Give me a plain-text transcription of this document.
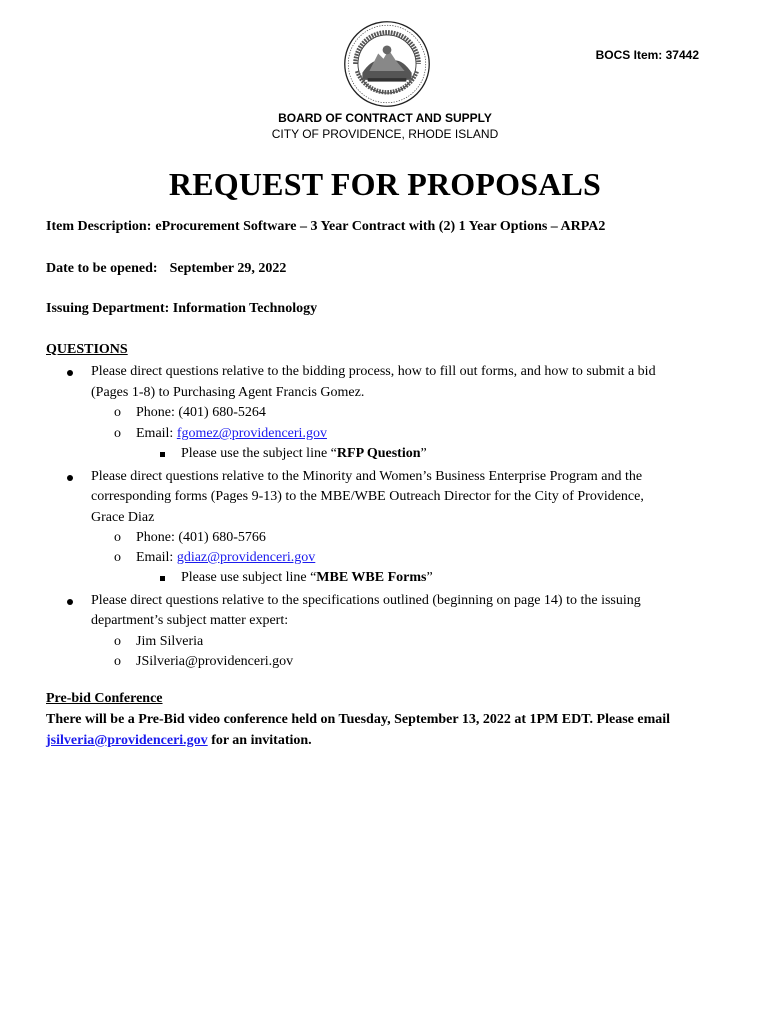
BOCS Item: 37442
BOARD OF CONTRACT AND SUPPLY
CITY OF PROVIDENCE, RHODE ISLAND
REQUEST FOR PROPOSALS
Item Description: eProcurement Software – 3 Year Contract with (2) 1 Year Options – ARPA2
Date to be opened: September 29, 2022
Issuing Department: Information Technology
QUESTIONS
Please direct questions relative to the bidding process, how to fill out forms, and how to submit a bid
(Pages 1-8) to Purchasing Agent Francis Gomez.
o Phone: (401) 680-5264
o Email: fgomez@providenceri.gov
Please use the subject line “RFP Question”
Please direct questions relative to the Minority and Women’s Business Enterprise Program and the
corresponding forms (Pages 9-13) to the MBE/WBE Outreach Director for the City of Providence,
Grace Diaz
o Phone: (401) 680-5766
o Email: gdiaz@providenceri.gov
Please use subject line “MBE WBE Forms”
Please direct questions relative to the specifications outlined (beginning on page 14) to the issuing
department’s subject matter expert:
o Jim Silveria
o JSilveria@providenceri.gov
Pre-bid Conference
There will be a Pre-Bid video conference held on Tuesday, September 13, 2022 at 1PM EDT. Please email
jsilveria@providenceri.gov for an invitation.
